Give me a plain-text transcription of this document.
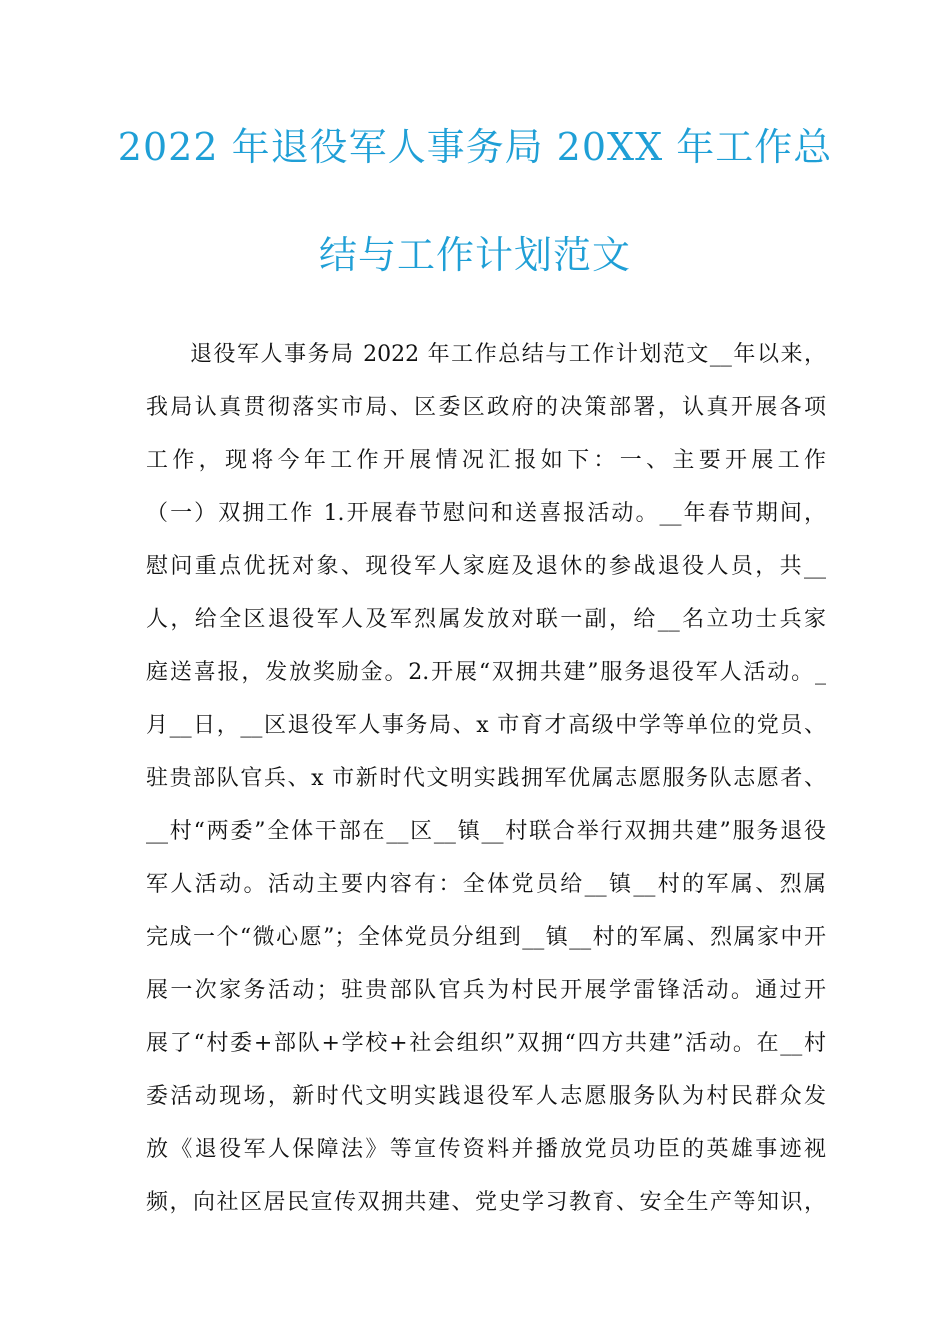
2022 年退役军人事务局 20XX 年工作总
结与工作计划范文
退役军人事务局 2022 年工作总结与工作计划范文__年以来，
我局认真贯彻落实市局、区委区政府的决策部署，认真开展各项
工作，现将今年工作开展情况汇报如下：一、主要开展工作
（一）双拥工作 1.开展春节慰问和送喜报活动。__年春节期间，
慰问重点优抚对象、现役军人家庭及退休的参战退役人员，共__
人，给全区退役军人及军烈属发放对联一副，给__名立功士兵家
庭送喜报，发放奖励金。2.开展“双拥共建”服务退役军人活动。_
月__日，__区退役军人事务局、x 市育才高级中学等单位的党员、
驻贵部队官兵、x 市新时代文明实践拥军优属志愿服务队志愿者、
__村“两委”全体干部在__区__镇__村联合举行双拥共建”服务退役
军人活动。活动主要内容有：全体党员给__镇__村的军属、烈属
完成一个“微心愿”；全体党员分组到__镇__村的军属、烈属家中开
展一次家务活动；驻贵部队官兵为村民开展学雷锋活动。通过开
展了“村委+部队+学校+社会组织”双拥“四方共建”活动。在__村
委活动现场，新时代文明实践退役军人志愿服务队为村民群众发
放《退役军人保障法》等宣传资料并播放党员功臣的英雄事迹视
频，向社区居民宣传双拥共建、党史学习教育、安全生产等知识，
